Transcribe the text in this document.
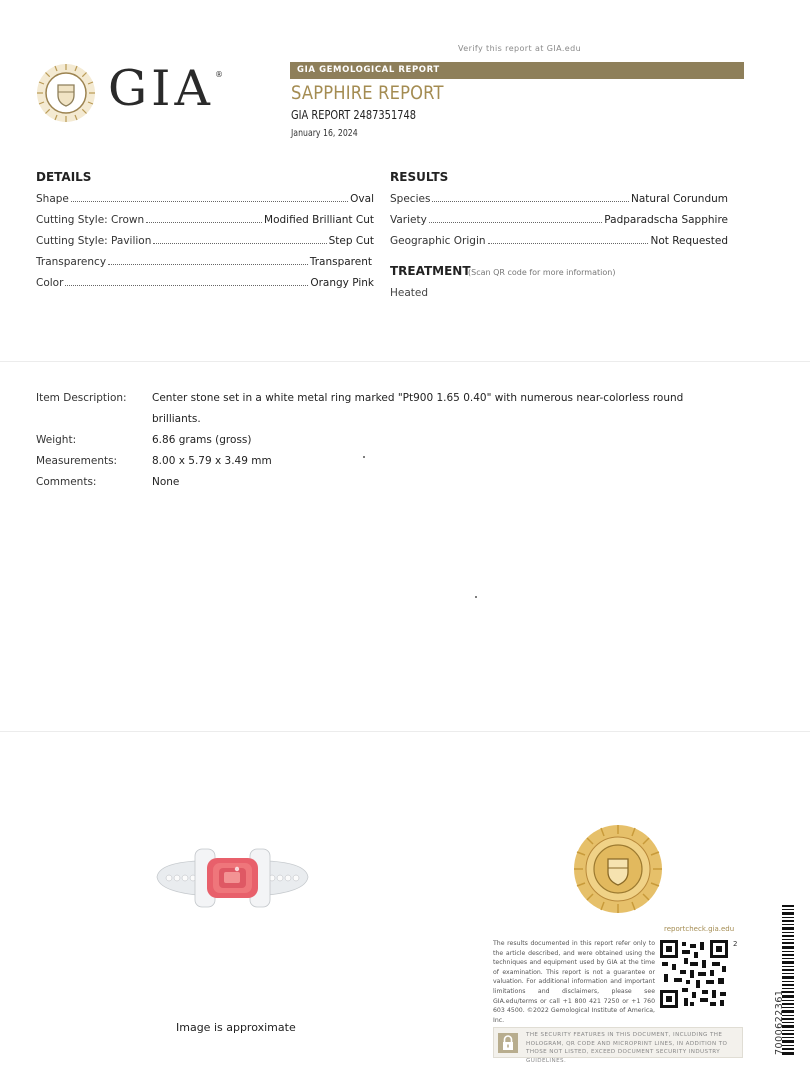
Verify this report at GIA.edu
GIA ®	GIA GEMOLOGICAL REPORT
SAPPHIRE REPORT
GIA REPORT 2487351748
January 16, 2024
DETAILS
Shape	Oval
Cutting Style: Crown	Modified Brilliant Cut
Cutting Style: Pavilion	Step Cut
Transparency	Transparent
Color	Orangy Pink
RESULTS
Species	Natural Corundum
Variety	Padparadscha Sapphire
Geographic Origin	Not Requested
TREATMENT
(Scan QR code for more information)
Heated
Item Description: Center stone set in a white metal ring marked "Pt900 1.65 0.40" with numerous near-colorless round
brilliants.
Weight:	6.86 grams (gross)
Measurements:	8.00 x 5.79 x 3.49 mm
Comments:	None
Image is approximate
reportcheck.gia.edu
The results documented in this report refer only to the article described, and were obtained using the techniques and equipment used by GIA at the time of examination. This report is not a guarantee or valuation. For additional information and important limitations and disclaimers, please see GIA.edu/terms or call +1 800 421 7250 or +1 760 603 4500. ©2022 Gemological Institute of America, Inc.
2
THE SECURITY FEATURES IN THIS DOCUMENT, INCLUDING THE HOLOGRAM, QR CODE AND MICROPRINT LINES, IN ADDITION TO THOSE NOT LISTED, EXCEED DOCUMENT SECURITY INDUSTRY GUIDELINES.
7000622361
